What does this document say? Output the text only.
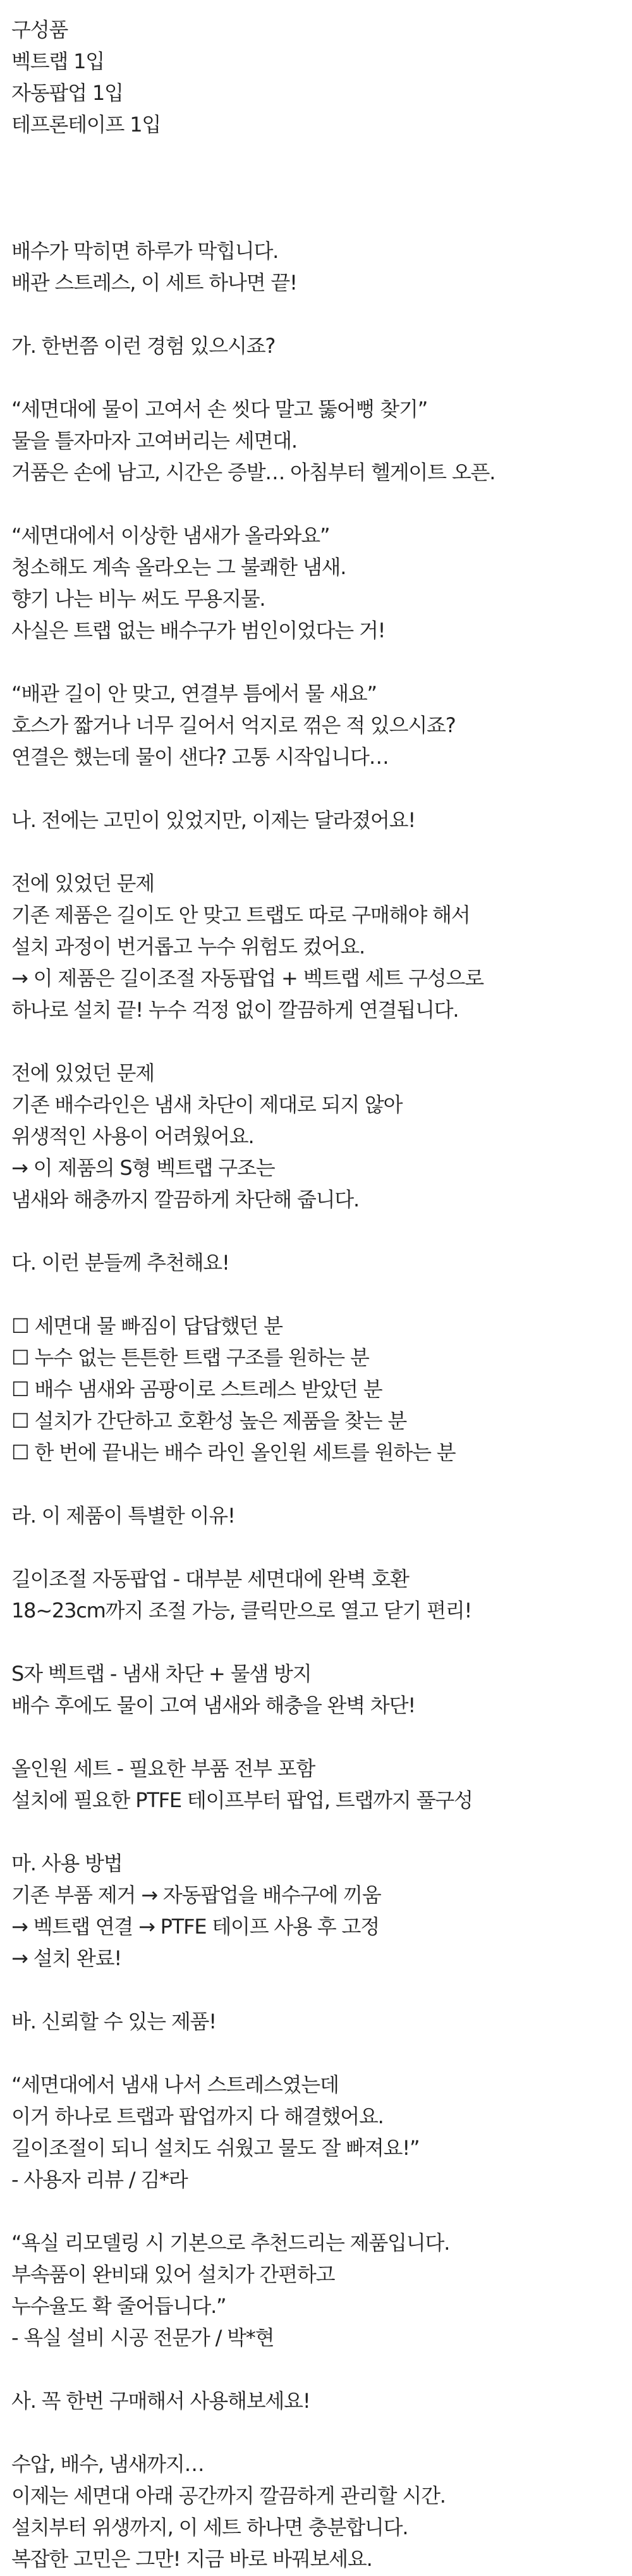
구성품
벡트랩 1입
자동팝업 1입
테프론테이프 1입
배수가 막히면 하루가 막힙니다.
배관 스트레스, 이 세트 하나면 끝!
가. 한번쯤 이런 경험 있으시죠?
“세면대에 물이 고여서 손 씻다 말고 뚫어뻥 찾기”
물을 틀자마자 고여버리는 세면대.
거품은 손에 남고, 시간은 증발… 아침부터 헬게이트 오픈.
“세면대에서 이상한 냄새가 올라와요”
청소해도 계속 올라오는 그 불쾌한 냄새.
향기 나는 비누 써도 무용지물.
사실은 트랩 없는 배수구가 범인이었다는 거!
“배관 길이 안 맞고, 연결부 틈에서 물 새요”
호스가 짧거나 너무 길어서 억지로 꺾은 적 있으시죠?
연결은 했는데 물이 샌다? 고통 시작입니다…
나. 전에는 고민이 있었지만, 이제는 달라졌어요!
전에 있었던 문제
기존 제품은 길이도 안 맞고 트랩도 따로 구매해야 해서
설치 과정이 번거롭고 누수 위험도 컸어요.
→ 이 제품은 길이조절 자동팝업 + 벡트랩 세트 구성으로
하나로 설치 끝! 누수 걱정 없이 깔끔하게 연결됩니다.
전에 있었던 문제
기존 배수라인은 냄새 차단이 제대로 되지 않아
위생적인 사용이 어려웠어요.
→ 이 제품의 S형 벡트랩 구조는
냄새와 해충까지 깔끔하게 차단해 줍니다.
다. 이런 분들께 추천해요!
☐ 세면대 물 빠짐이 답답했던 분
☐ 누수 없는 튼튼한 트랩 구조를 원하는 분
☐ 배수 냄새와 곰팡이로 스트레스 받았던 분
☐ 설치가 간단하고 호환성 높은 제품을 찾는 분
☐ 한 번에 끝내는 배수 라인 올인원 세트를 원하는 분
라. 이 제품이 특별한 이유!
길이조절 자동팝업 - 대부분 세면대에 완벽 호환
18~23cm까지 조절 가능, 클릭만으로 열고 닫기 편리!
S자 벡트랩 - 냄새 차단 + 물샘 방지
배수 후에도 물이 고여 냄새와 해충을 완벽 차단!
올인원 세트 - 필요한 부품 전부 포함
설치에 필요한 PTFE 테이프부터 팝업, 트랩까지 풀구성
마. 사용 방법
기존 부품 제거 → 자동팝업을 배수구에 끼움
→ 벡트랩 연결 → PTFE 테이프 사용 후 고정
→ 설치 완료!
바. 신뢰할 수 있는 제품!
“세면대에서 냄새 나서 스트레스였는데
이거 하나로 트랩과 팝업까지 다 해결했어요.
길이조절이 되니 설치도 쉬웠고 물도 잘 빠져요!”
- 사용자 리뷰 / 김*라
“욕실 리모델링 시 기본으로 추천드리는 제품입니다.
부속품이 완비돼 있어 설치가 간편하고
누수율도 확 줄어듭니다.”
- 욕실 설비 시공 전문가 / 박*현
사. 꼭 한번 구매해서 사용해보세요!
수압, 배수, 냄새까지…
이제는 세면대 아래 공간까지 깔끔하게 관리할 시간.
설치부터 위생까지, 이 세트 하나면 충분합니다.
복잡한 고민은 그만! 지금 바로 바꿔보세요.
